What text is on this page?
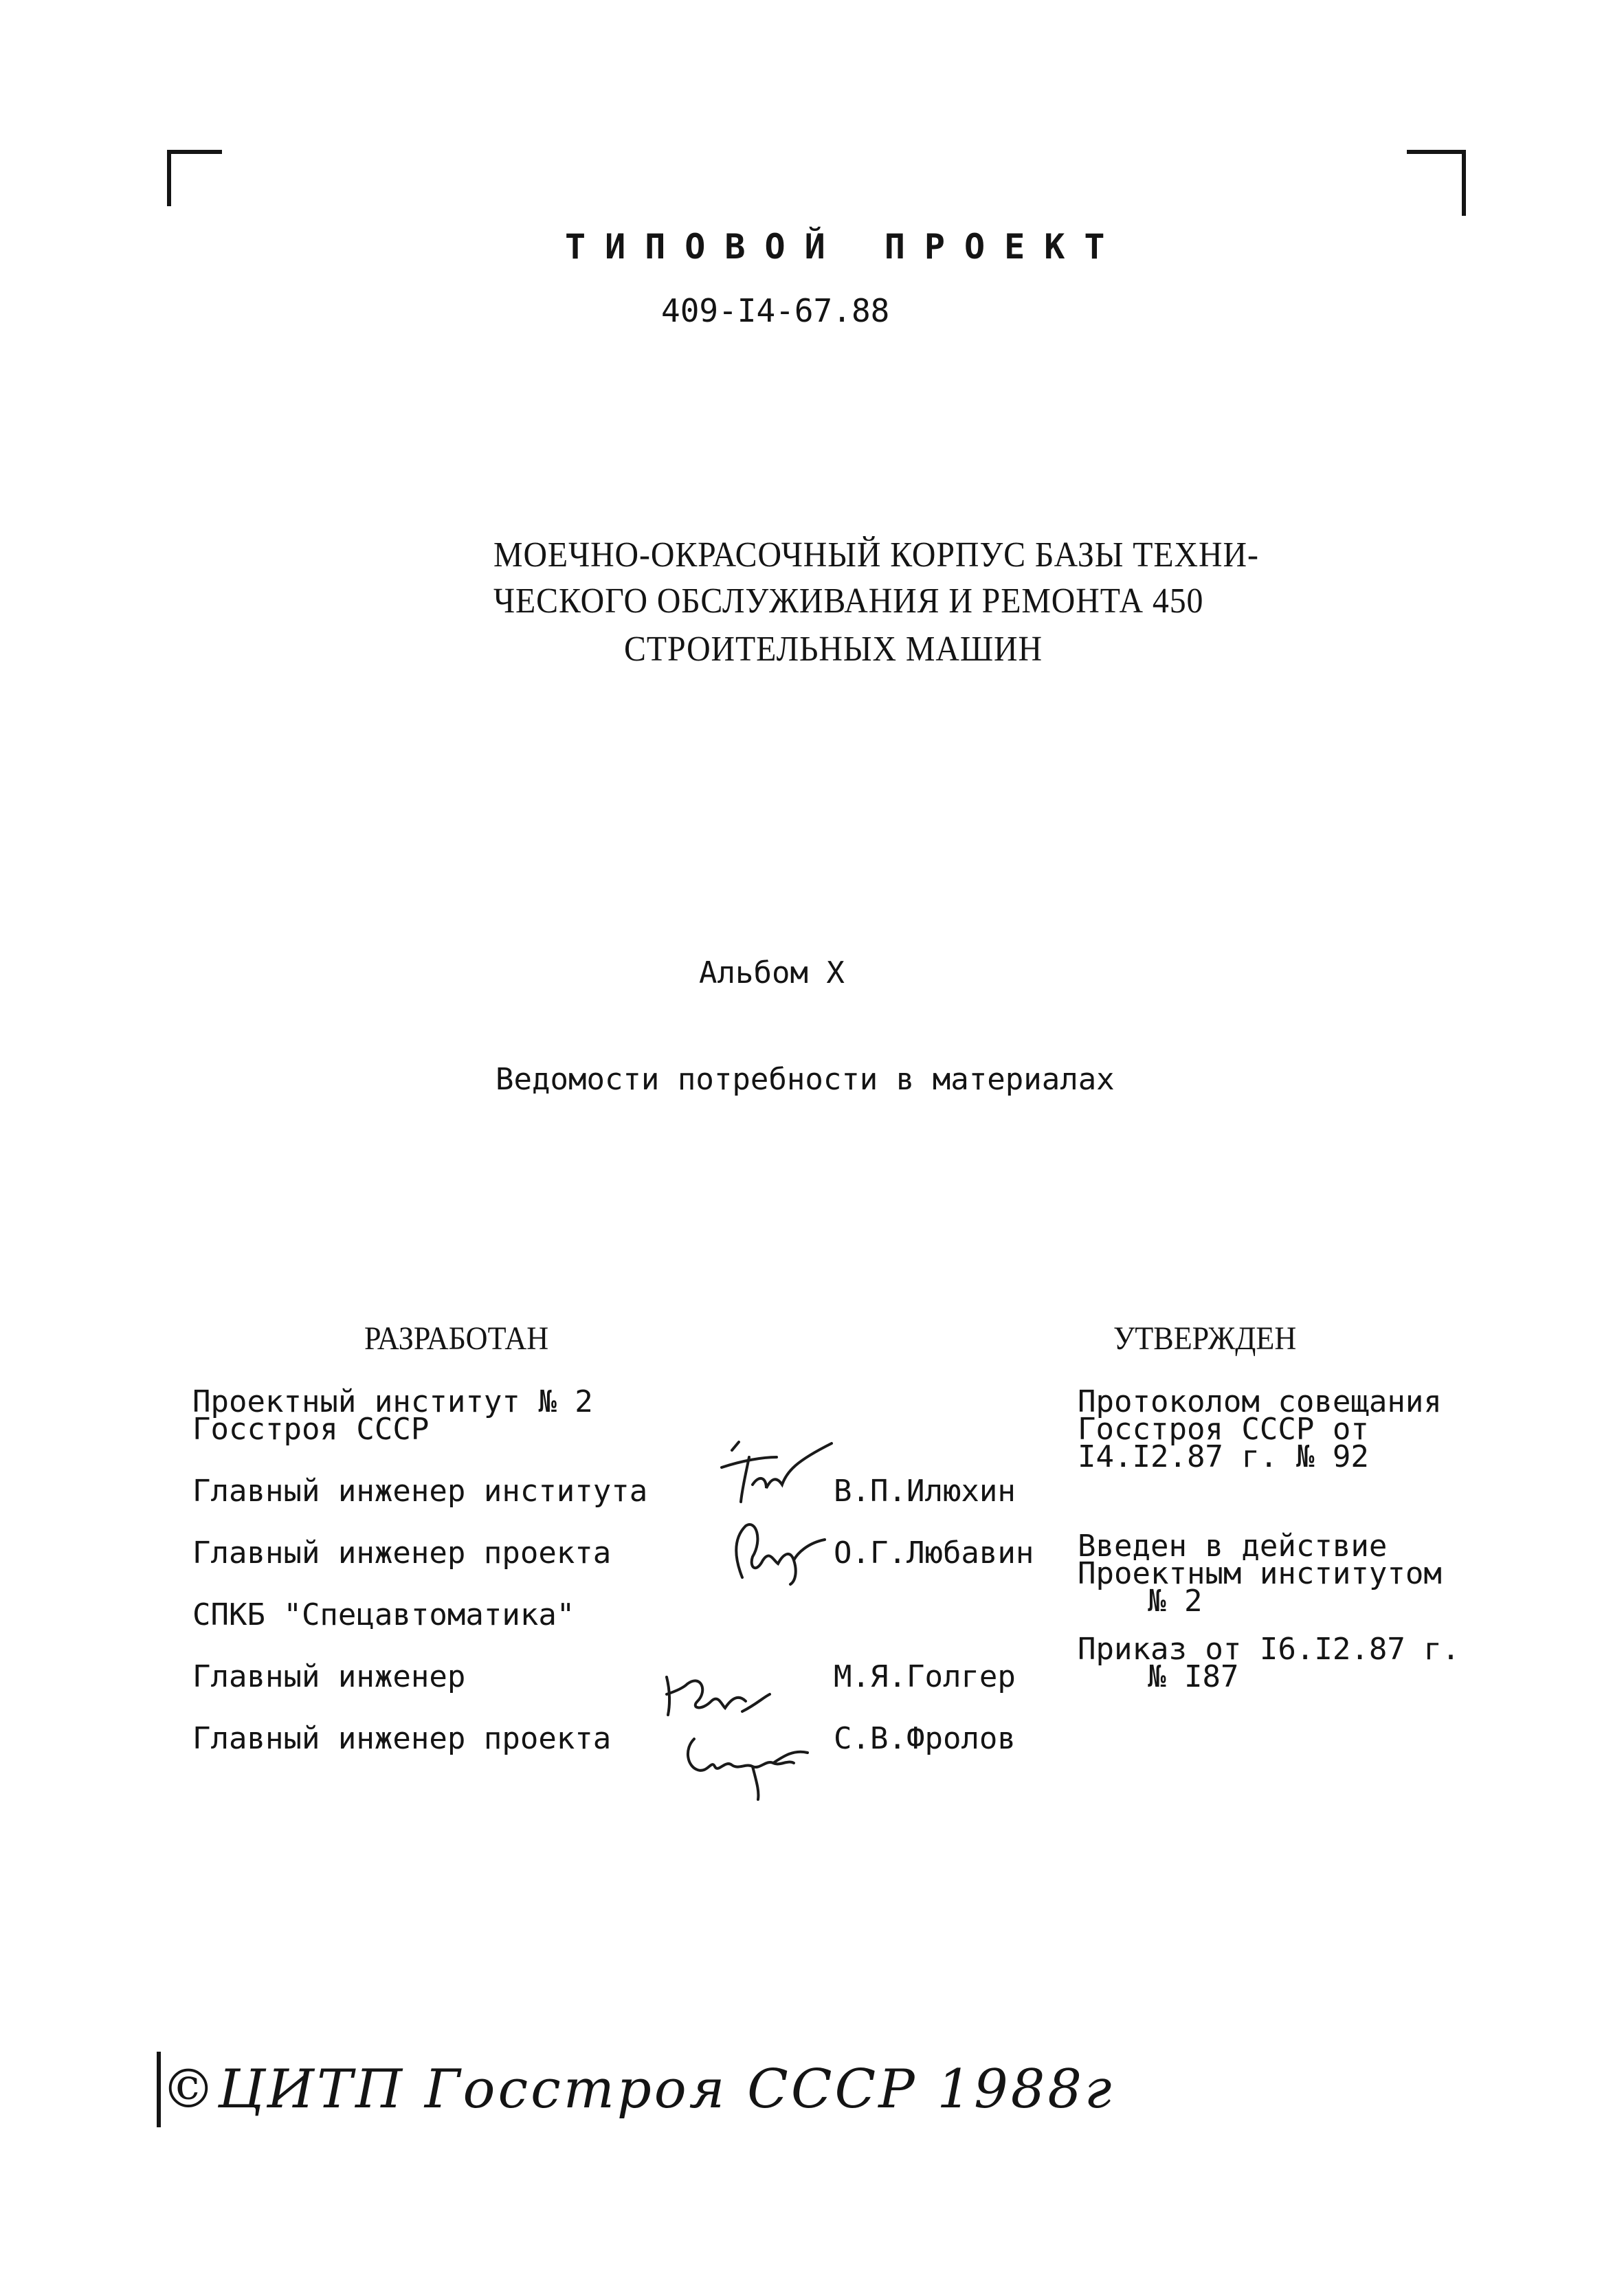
ТИПОВОЙ ПРОЕКТ
409-I4-67.88
МОЕЧНО-ОКРАСОЧНЫЙ КОРПУС БАЗЫ ТЕХНИ-
ЧЕСКОГО ОБСЛУЖИВАНИЯ И РЕМОНТА 450
СТРОИТЕЛЬНЫХ МАШИН
Альбом X
Ведомости потребности в материалах
РАЗРАБОТАН
Проектный институт № 2
Госстроя СССР
Главный инженер института	В.П.Илюхин
Главный инженер проекта	О.Г.Любавин
СПКБ "Спецавтоматика"
Главный инженер	М.Я.Голгер
Главный инженер проекта	С.В.Фролов
УТВЕРЖДЕН
Протоколом совещания
Госстроя СССР от
I4.I2.87 г. № 92
Введен в действие
Проектным институтом
№ 2
Приказ от I6.I2.87 г.
№ I87
©ЦИТП Госстроя СССР 1988г
